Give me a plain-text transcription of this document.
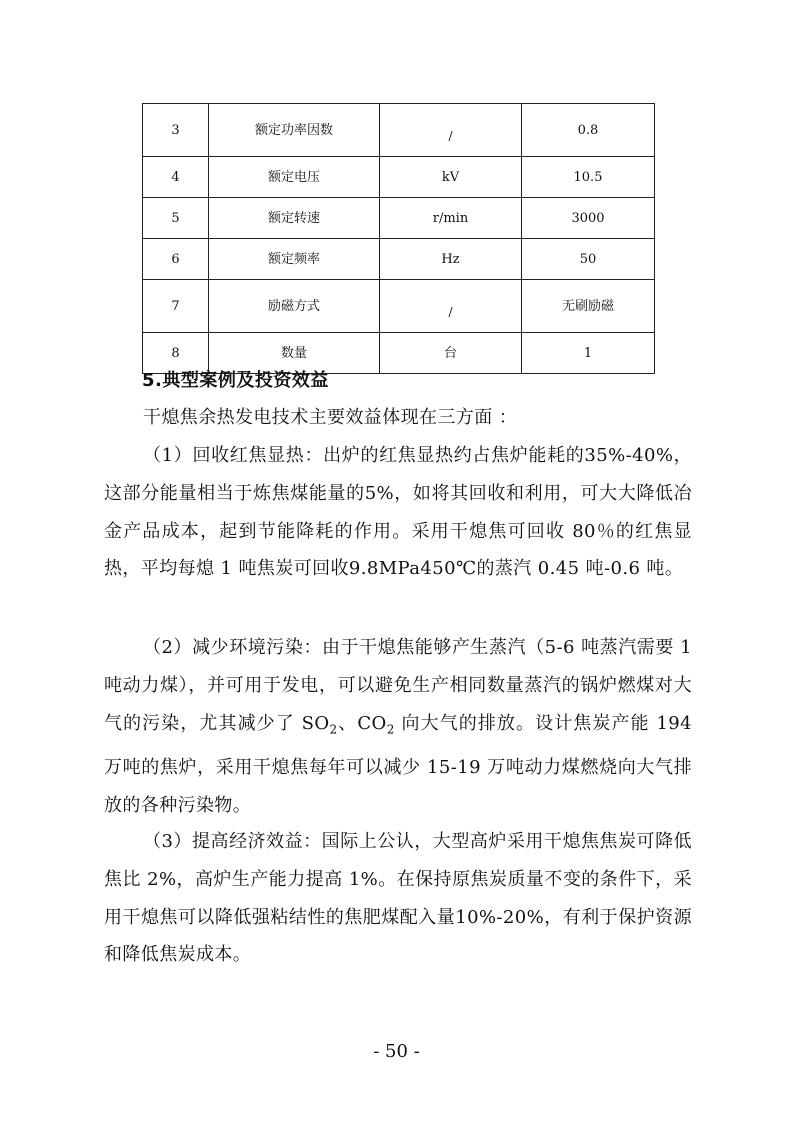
3	额定功率因数	/	0.8
4	额定电压	kV	10.5
5	额定转速	r/min	3000
6	额定频率	Hz	50
7	励磁方式	/	无刷励磁
8	数量	台	1
5.典型案例及投资效益

干熄焦余热发电技术主要效益体现在三方面 ：

（1）回收红焦显热：出炉的红焦显热约占焦炉能耗的35%-40%，这部分能量相当于炼焦煤能量的5%，如将其回收和利用，可大大降低冶金产品成本，起到节能降耗的作用。采用干熄焦可回收 80％的红焦显热，平均每熄 1 吨焦炭可回收9.8MPa450℃的蒸汽 0.45 吨-0.6 吨。

（2）减少环境污染：由于干熄焦能够产生蒸汽（5-6 吨蒸汽需要 1 吨动力煤），并可用于发电，可以避免生产相同数量蒸汽的锅炉燃煤对大气的污染，尤其减少了 $SO_2$、$CO_2$ 向大气的排放。设计焦炭产能 194 万吨的焦炉，采用干熄焦每年可以减少 15-19 万吨动力煤燃烧向大气排放的各种污染物。

（3）提高经济效益：国际上公认，大型高炉采用干熄焦焦炭可降低焦比 2%，高炉生产能力提高 1%。在保持原焦炭质量不变的条件下，采用干熄焦可以降低强粘结性的焦肥煤配入量10%-20%，有利于保护资源和降低焦炭成本。

- 50 -
